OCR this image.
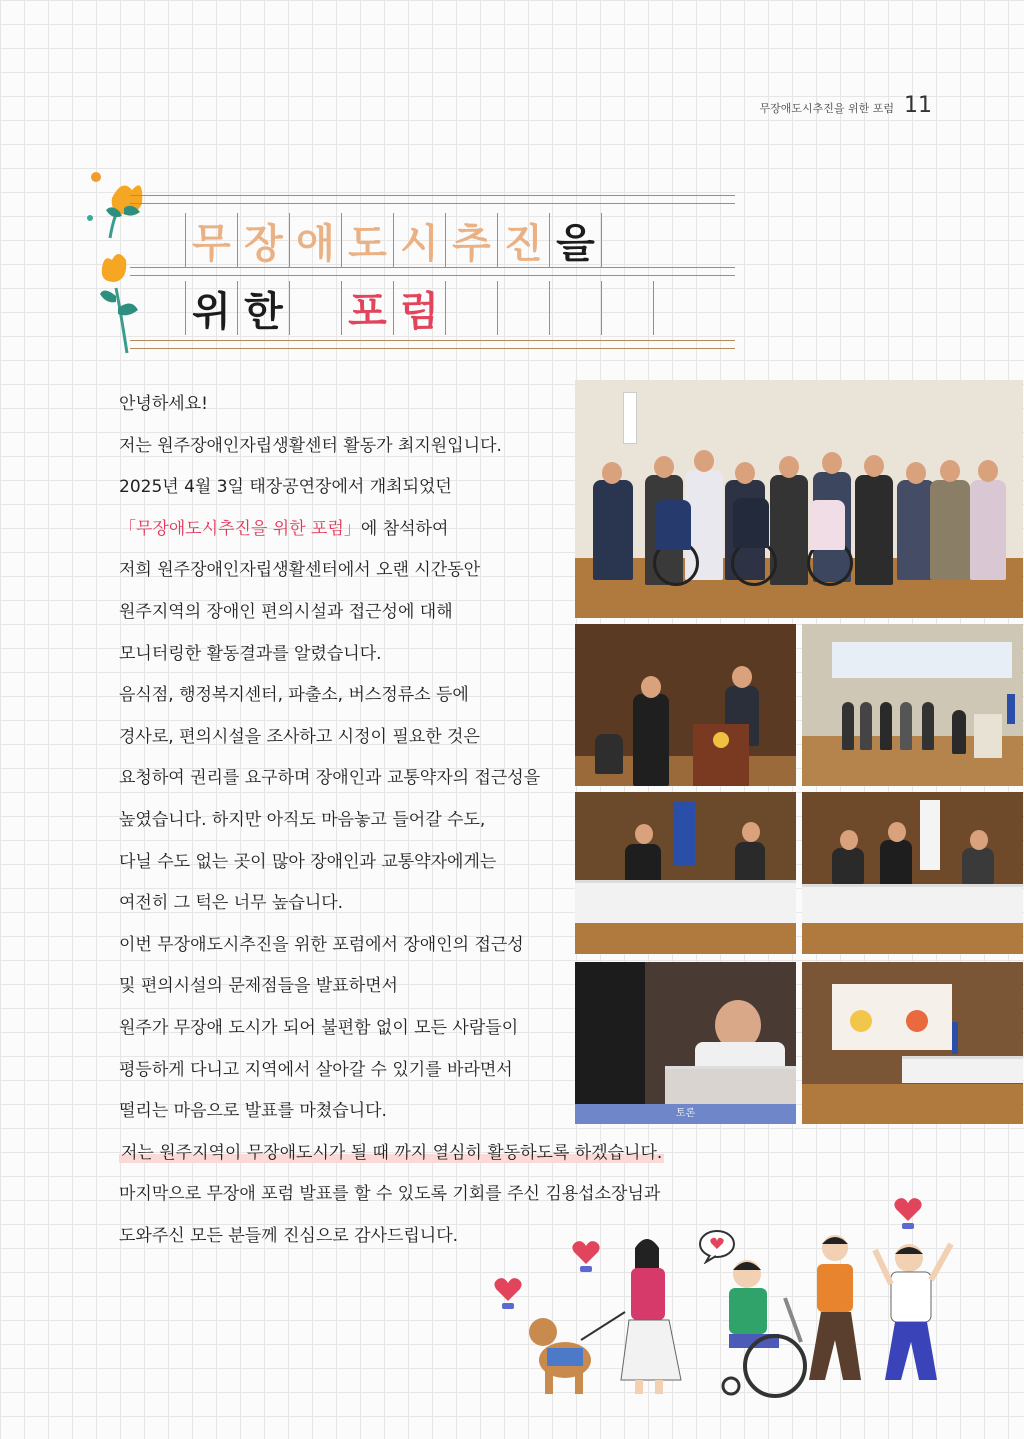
무장애도시추진을 위한 포럼 11
무 장 애 도 시 추 진 을
위 한 포 럼
안녕하세요!
저는 원주장애인자립생활센터 활동가 최지원입니다.
2025년 4월 3일 태장공연장에서 개최되었던
「무장애도시추진을 위한 포럼」에 참석하여
저희 원주장애인자립생활센터에서 오랜 시간동안
원주지역의 장애인 편의시설과 접근성에 대해
모니터링한 활동결과를 알렸습니다.
음식점, 행정복지센터, 파출소, 버스정류소 등에
경사로, 편의시설을 조사하고 시정이 필요한 것은
요청하여 권리를 요구하며 장애인과 교통약자의 접근성을
높였습니다. 하지만 아직도 마음놓고 들어갈 수도,
다닐 수도 없는 곳이 많아 장애인과 교통약자에게는
여전히 그 턱은 너무 높습니다.
이번 무장애도시추진을 위한 포럼에서 장애인의 접근성
및 편의시설의 문제점들을 발표하면서
원주가 무장애 도시가 되어 불편함 없이 모든 사람들이
평등하게 다니고 지역에서 살아갈 수 있기를 바라면서
떨리는 마음으로 발표를 마쳤습니다.
저는 원주지역이 무장애도시가 될 때 까지 열심히 활동하도록 하겠습니다.
마지막으로 무장애 포럼 발표를 할 수 있도록 기회를 주신 김용섭소장님과
도와주신 모든 분들께 진심으로 감사드립니다.
토론
